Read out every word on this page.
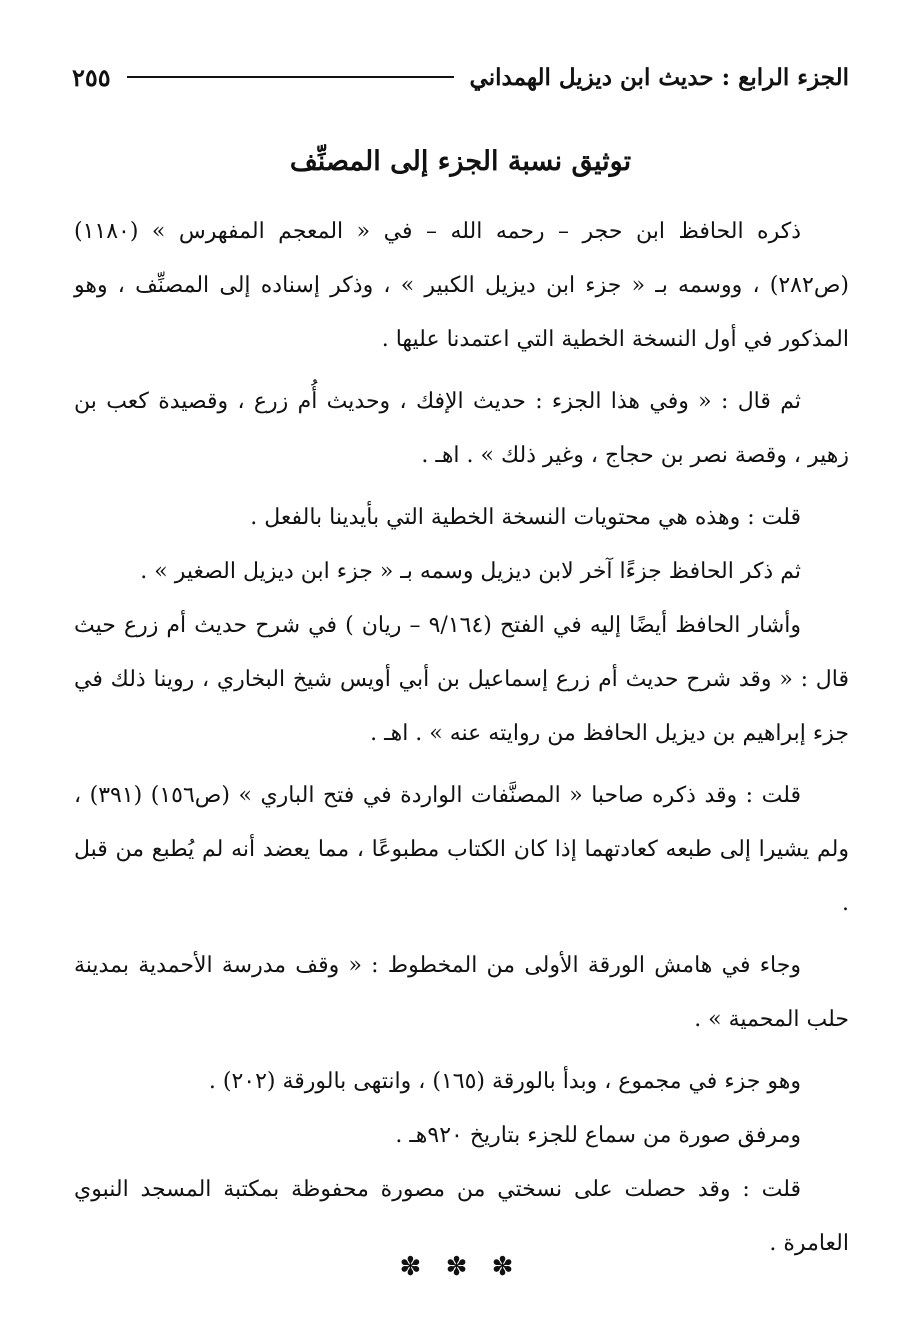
الجزء الرابع : حديث ابن ديزيل الهمداني
٢٥٥
توثيق نسبة الجزء إلى المصنِّف

ذكره الحافظ ابن حجر – رحمه الله – في « المعجم المفهرس » (١١٨٠) (ص٢٨٢) ، ووسمه بـ « جزء ابن ديزيل الكبير » ، وذكر إسناده إلى المصنِّف ، وهو المذكور في أول النسخة الخطية التي اعتمدنا عليها .

ثم قال : « وفي هذا الجزء : حديث الإفك ، وحديث أُم زرع ، وقصيدة كعب بن زهير ، وقصة نصر بن حجاج ، وغير ذلك » . اهـ .

قلت : وهذه هي محتويات النسخة الخطية التي بأيدينا بالفعل .

ثم ذكر الحافظ جزءًا آخر لابن ديزيل وسمه بـ « جزء ابن ديزيل الصغير » .

وأشار الحافظ أيضًا إليه في الفتح (٩/١٦٤ – ريان ) في شرح حديث أم زرع حيث قال : « وقد شرح حديث أم زرع إسماعيل بن أبي أويس شيخ البخاري ، روينا ذلك في جزء إبراهيم بن ديزيل الحافظ من روايته عنه » . اهـ .

قلت : وقد ذكره صاحبا « المصنَّفات الواردة في فتح الباري » (ص١٥٦) (٣٩١) ، ولم يشيرا إلى طبعه كعادتهما إذا كان الكتاب مطبوعًا ، مما يعضد أنه لم يُطبع من قبل .

وجاء في هامش الورقة الأولى من المخطوط : « وقف مدرسة الأحمدية بمدينة حلب المحمية » .

وهو جزء في مجموع ، وبدأ بالورقة (١٦٥) ، وانتهى بالورقة (٢٠٢) .

ومرفق صورة من سماع للجزء بتاريخ ٩٢٠هـ .

قلت : وقد حصلت على نسختي من مصورة محفوظة بمكتبة المسجد النبوي العامرة .

✽ ✽ ✽
